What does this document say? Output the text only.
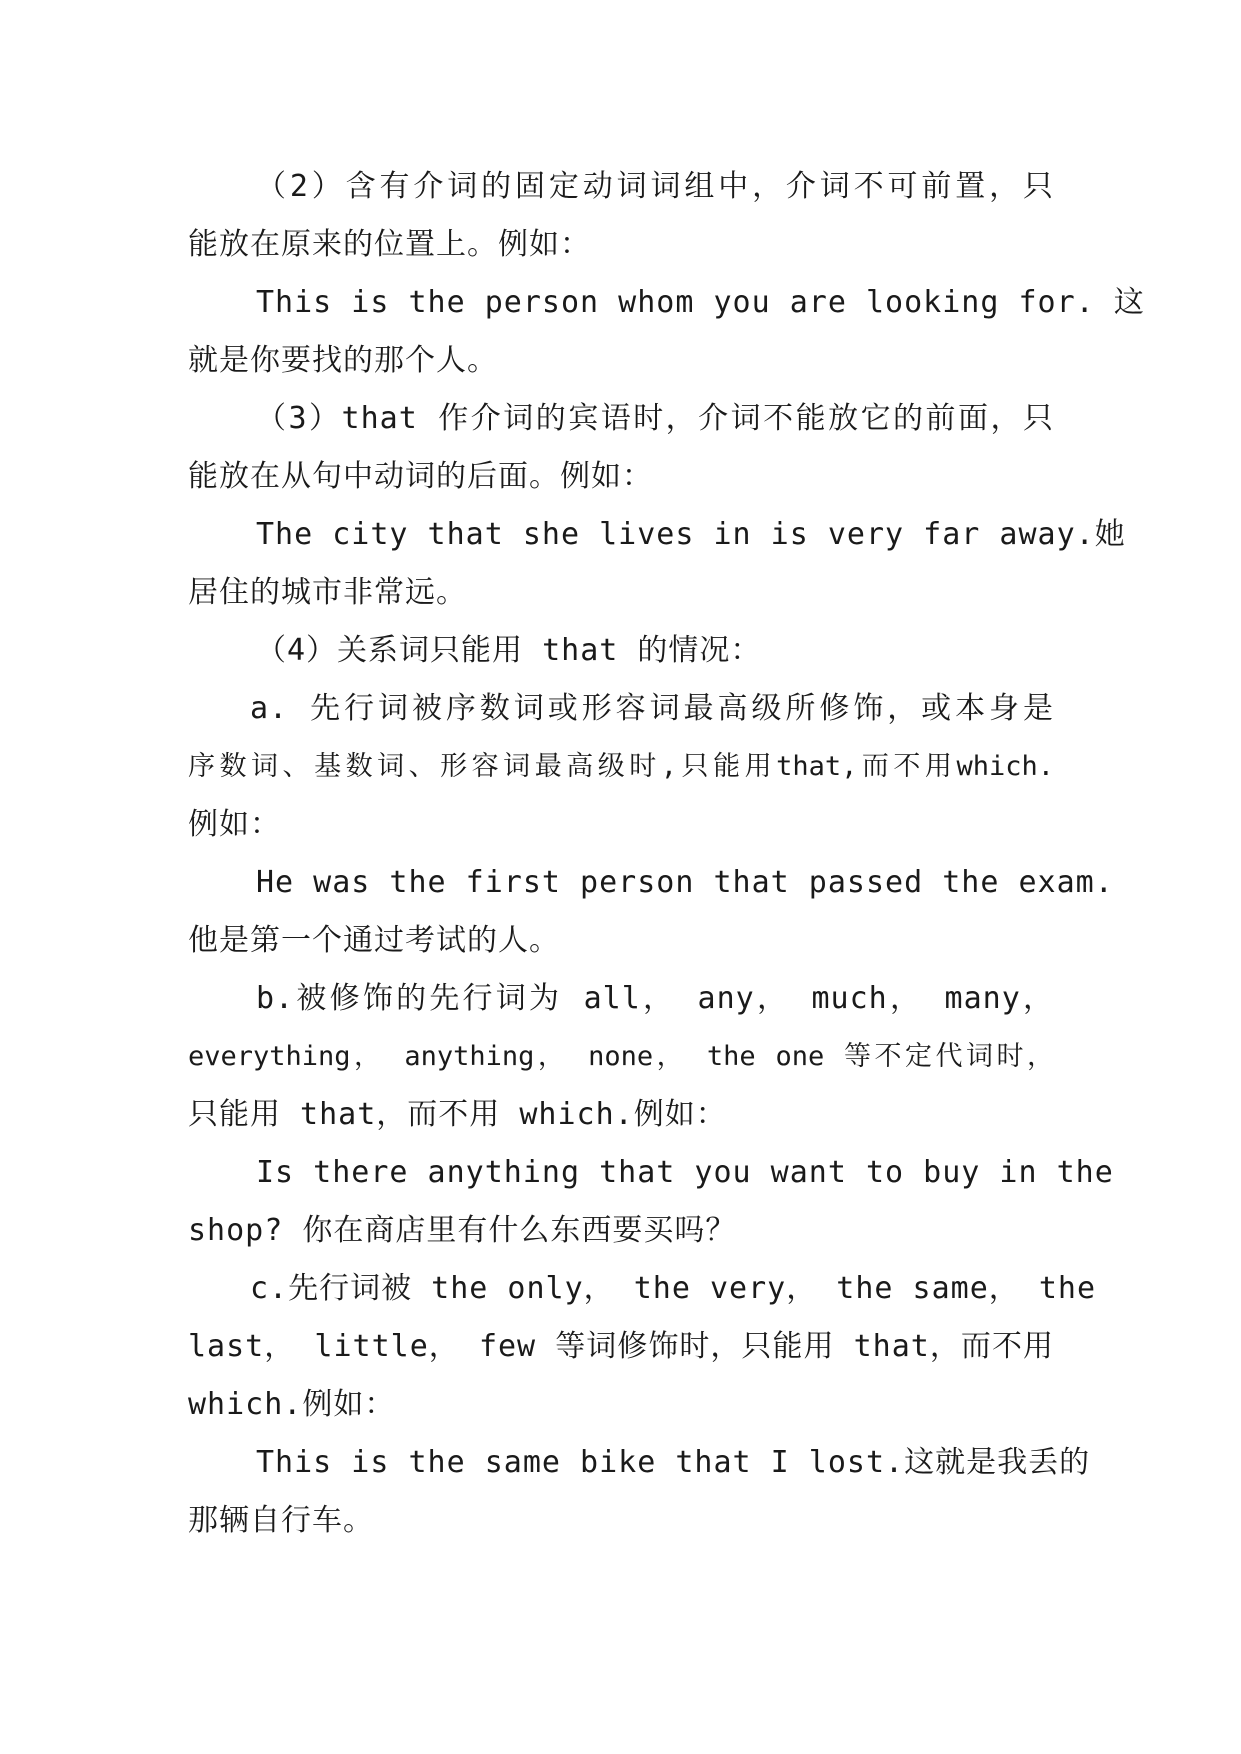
（2）含有介词的固定动词词组中，介词不可前置，只
能放在原来的位置上。例如：
This is the person whom you are looking for. 这
就是你要找的那个人。
（3）that 作介词的宾语时，介词不能放它的前面，只
能放在从句中动词的后面。例如：
The city that she lives in is very far away.她
居住的城市非常远。
（4）关系词只能用 that 的情况：
a. 先行词被序数词或形容词最高级所修饰，或本身是
序数词、基数词、形容词最高级时,只能用that,而不用which.
例如：
He was the first person that passed the exam.
他是第一个通过考试的人。
b.被修饰的先行词为 all， any， much， many，
everything， anything， none， the one 等不定代词时，
只能用 that，而不用 which.例如：
Is there anything that you want to buy in the
shop? 你在商店里有什么东西要买吗？
c.先行词被 the only， the very， the same， the
last， little， few 等词修饰时，只能用 that，而不用
which.例如：
This is the same bike that I lost.这就是我丢的
那辆自行车。
